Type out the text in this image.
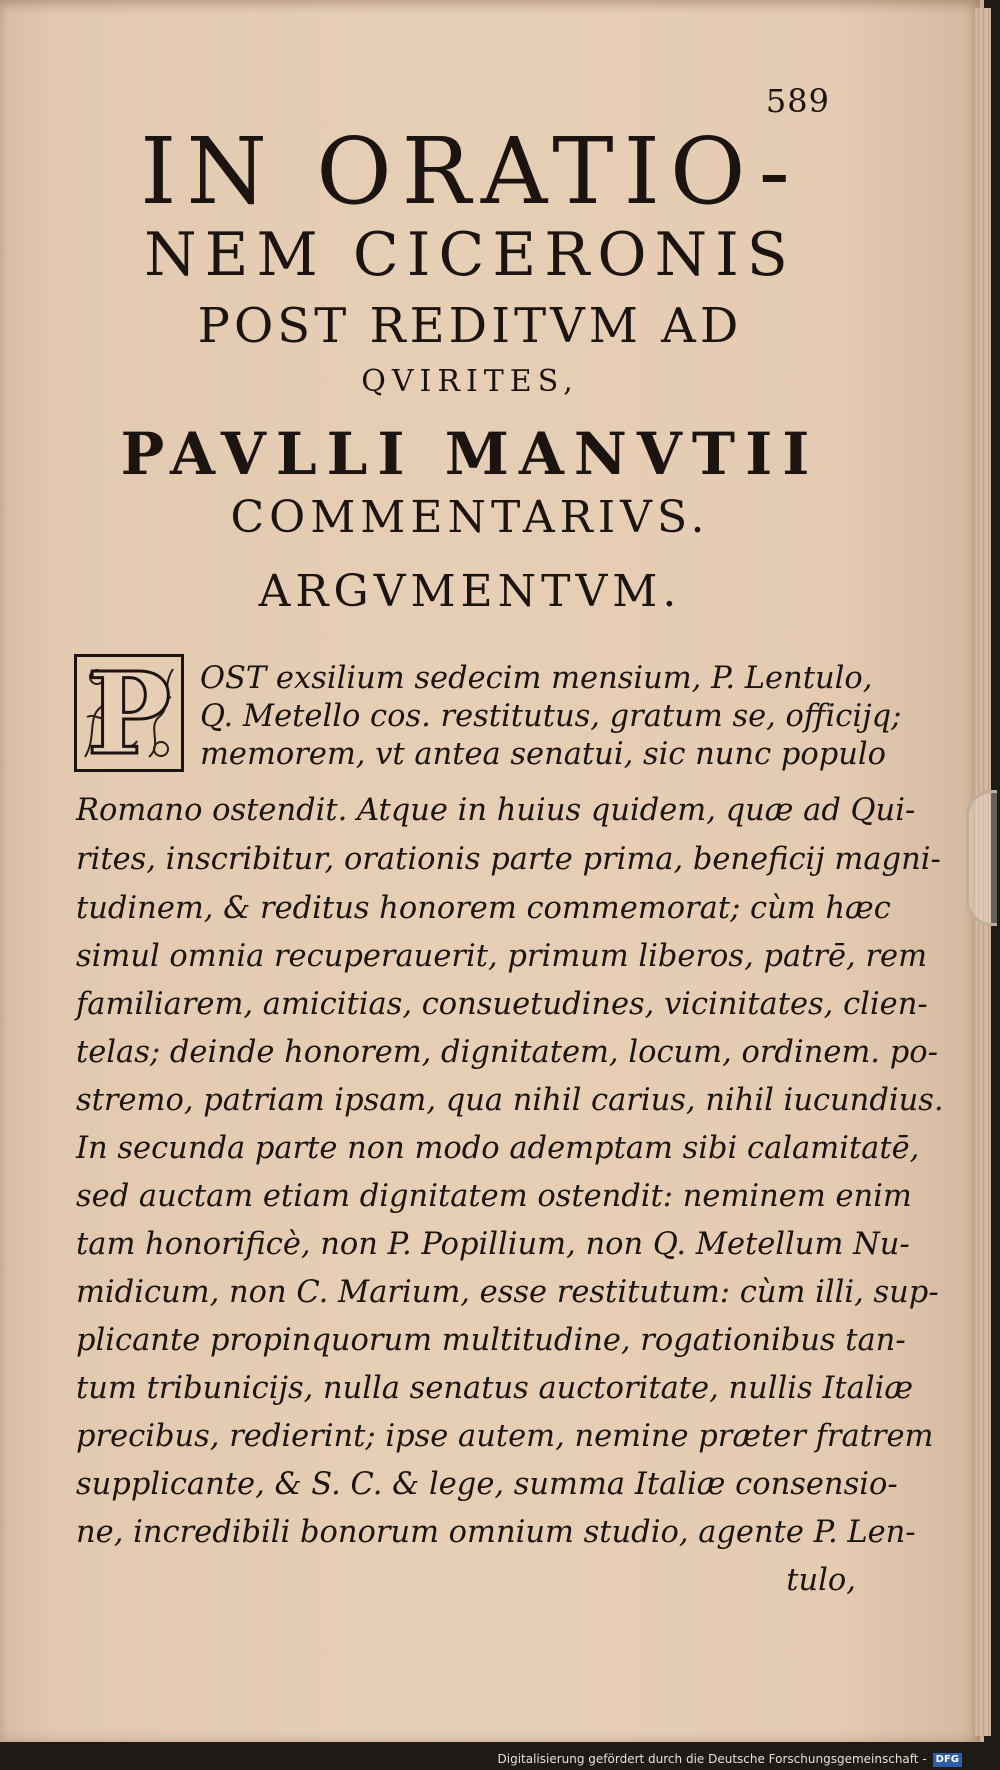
589
IN ORATIO-
NEM CICERONIS
POST REDITVM AD
QVIRITES,
PAVLLI MANVTII
COMMENTARIVS.
ARGVMENTVM.
P OST exsilium sedecim mensium, P. Lentulo,

Q. Metello cos. restitutus, gratum se, officijq;

memorem, vt antea senatui, sic nunc populo

Romano ostendit. Atque in huius quidem, quæ ad Qui-

rites, inscribitur, orationis parte prima, beneficij magni-

tudinem, & reditus honorem commemorat; cùm hæc

simul omnia recuperauerit, primum liberos, patrē, rem

familiarem, amicitias, consuetudines, vicinitates, clien-

telas; deinde honorem, dignitatem, locum, ordinem. po-

stremo, patriam ipsam, qua nihil carius, nihil iucundius.

In secunda parte non modo ademptam sibi calamitatē,

sed auctam etiam dignitatem ostendit: neminem enim

tam honorificè, non P. Popillium, non Q. Metellum Nu-

midicum, non C. Marium, esse restitutum: cùm illi, sup-

plicante propinquorum multitudine, rogationibus tan-

tum tribunicijs, nulla senatus auctoritate, nullis Italiæ

precibus, redierint; ipse autem, nemine præter fratrem

supplicante, & S. C. & lege, summa Italiæ consensio-

ne, incredibili bonorum omnium studio, agente P. Len-

tulo,

Digitalisierung gefördert durch die Deutsche Forschungsgemeinschaft - DFG
